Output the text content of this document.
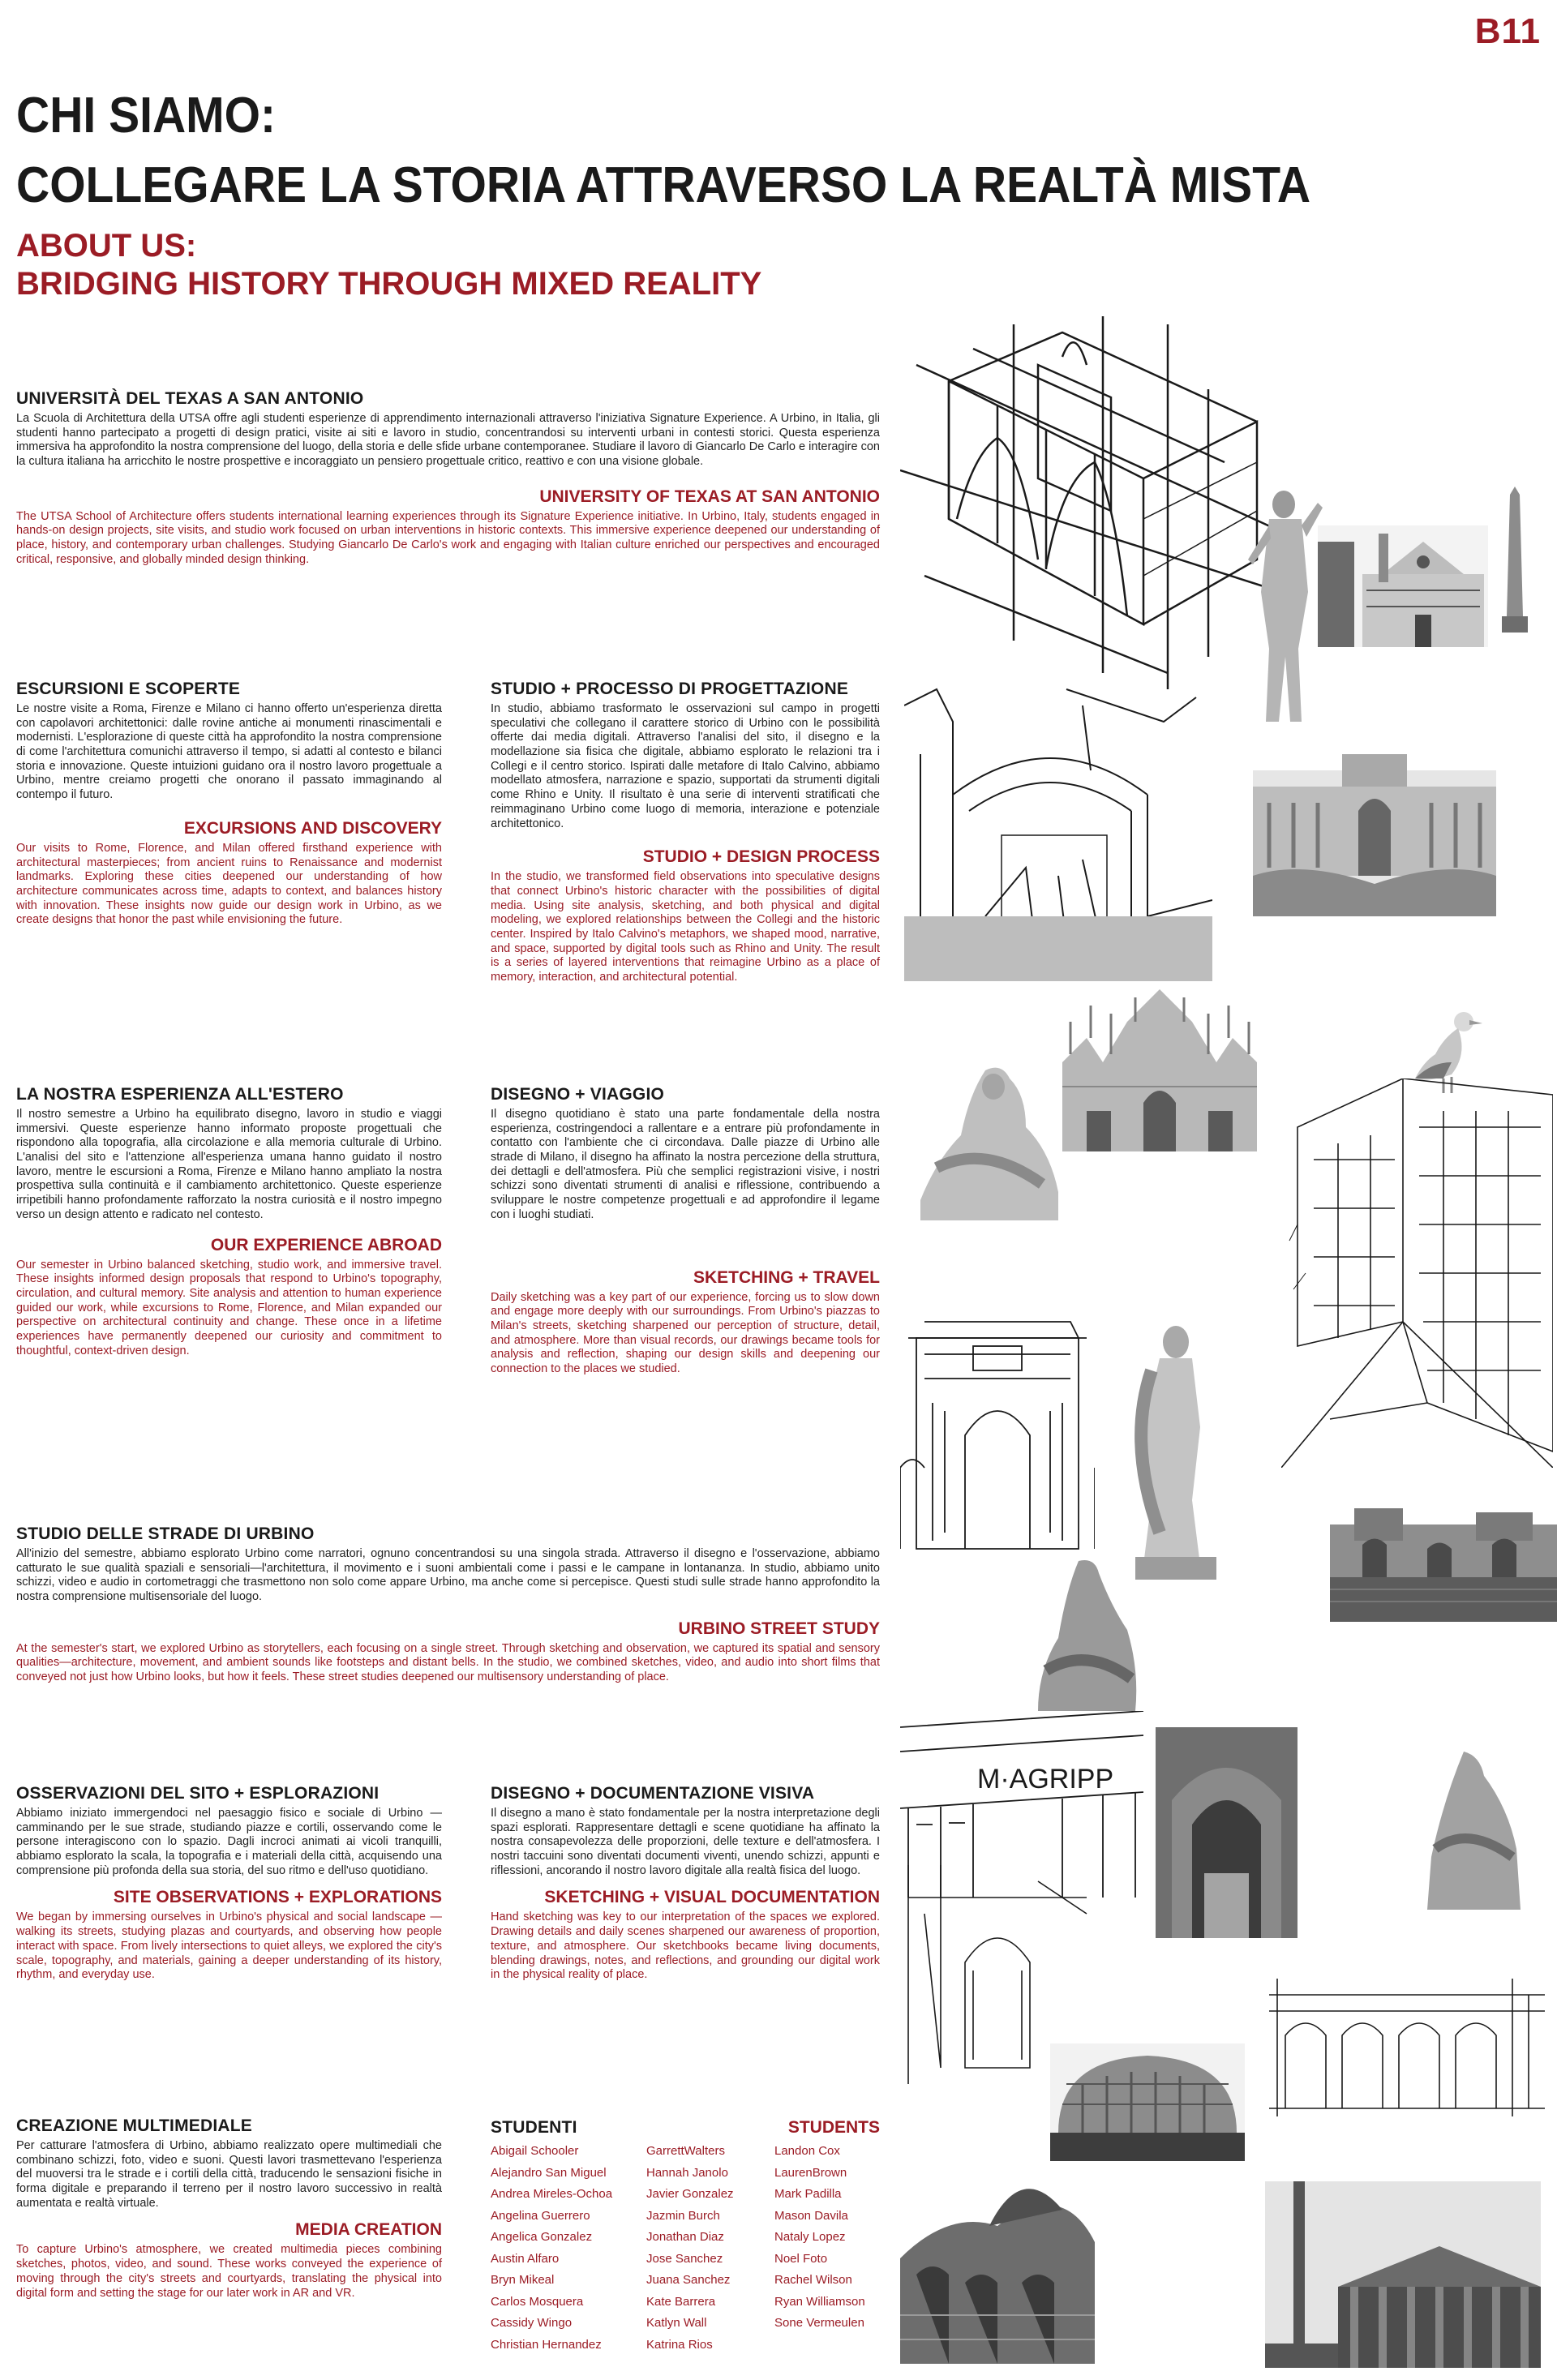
B11
CHI SIAMO:
COLLEGARE LA STORIA ATTRAVERSO LA REALTÀ MISTA
ABOUT US:
BRIDGING HISTORY THROUGH MIXED REALITY
UNIVERSITÀ DEL TEXAS A SAN ANTONIO

La Scuola di Architettura della UTSA offre agli studenti esperienze di apprendimento internazionali attraverso l'iniziativa Signature Experience. A Urbino, in Italia, gli studenti hanno partecipato a progetti di design pratici, visite ai siti e lavoro in studio, concentrandosi su interventi urbani in contesti storici. Questa esperienza immersiva ha approfondito la nostra comprensione del luogo, della storia e delle sfide urbane contemporanee. Studiare il lavoro di Giancarlo De Carlo e interagire con la cultura italiana ha arricchito le nostre prospettive e incoraggiato un pensiero progettuale critico, reattivo e con una visione globale.

UNIVERSITY OF TEXAS AT SAN ANTONIO

The UTSA School of Architecture offers students international learning experiences through its Signature Experience initiative. In Urbino, Italy, students engaged in hands-on design projects, site visits, and studio work focused on urban interventions in historic contexts. This immersive experience deepened our understanding of place, history, and contemporary urban challenges. Studying Giancarlo De Carlo's work and engaging with Italian culture enriched our perspectives and encouraged critical, responsive, and globally minded design thinking.

ESCURSIONI E SCOPERTE

Le nostre visite a Roma, Firenze e Milano ci hanno offerto un'esperienza diretta con capolavori architettonici: dalle rovine antiche ai monumenti rinascimentali e modernisti. L'esplorazione di queste città ha approfondito la nostra comprensione di come l'architettura comunichi attraverso il tempo, si adatti al contesto e bilanci storia e innovazione. Queste intuizioni guidano ora il nostro lavoro progettuale a Urbino, mentre creiamo progetti che onorano il passato immaginando al contempo il futuro.

EXCURSIONS AND DISCOVERY

Our visits to Rome, Florence, and Milan offered firsthand experience with architectural masterpieces; from ancient ruins to Renaissance and modernist landmarks. Exploring these cities deepened our understanding of how architecture communicates across time, adapts to context, and balances history with innovation. These insights now guide our design work in Urbino, as we create designs that honor the past while envisioning the future.

STUDIO + PROCESSO DI PROGETTAZIONE

In studio, abbiamo trasformato le osservazioni sul campo in progetti speculativi che collegano il carattere storico di Urbino con le possibilità offerte dai media digitali. Attraverso l'analisi del sito, il disegno e la modellazione sia fisica che digitale, abbiamo esplorato le relazioni tra i Collegi e il centro storico. Ispirati dalle metafore di Italo Calvino, abbiamo modellato atmosfera, narrazione e spazio, supportati da strumenti digitali come Rhino e Unity. Il risultato è una serie di interventi stratificati che reimmaginano Urbino come luogo di memoria, interazione e potenziale architettonico.

STUDIO + DESIGN PROCESS

In the studio, we transformed field observations into speculative designs that connect Urbino's historic character with the possibilities of digital media. Using site analysis, sketching, and both physical and digital modeling, we explored relationships between the Collegi and the historic center. Inspired by Italo Calvino's metaphors, we shaped mood, narrative, and space, supported by digital tools such as Rhino and Unity. The result is a series of layered interventions that reimagine Urbino as a place of memory, interaction, and architectural potential.

LA NOSTRA ESPERIENZA ALL'ESTERO

Il nostro semestre a Urbino ha equilibrato disegno, lavoro in studio e viaggi immersivi. Queste esperienze hanno informato proposte progettuali che rispondono alla topografia, alla circolazione e alla memoria culturale di Urbino. L'analisi del sito e l'attenzione all'esperienza umana hanno guidato il nostro lavoro, mentre le escursioni a Roma, Firenze e Milano hanno ampliato la nostra prospettiva sulla continuità e il cambiamento architettonico. Queste esperienze irripetibili hanno profondamente rafforzato la nostra curiosità e il nostro impegno verso un design attento e radicato nel contesto.

OUR EXPERIENCE ABROAD

Our semester in Urbino balanced sketching, studio work, and immersive travel. These insights informed design proposals that respond to Urbino's topography, circulation, and cultural memory. Site analysis and attention to human experience guided our work, while excursions to Rome, Florence, and Milan expanded our perspective on architectural continuity and change. These once in a lifetime experiences have permanently deepened our curiosity and commitment to thoughtful, context-driven design.

DISEGNO + VIAGGIO

Il disegno quotidiano è stato una parte fondamentale della nostra esperienza, costringendoci a rallentare e a entrare più profondamente in contatto con l'ambiente che ci circondava. Dalle piazze di Urbino alle strade di Milano, il disegno ha affinato la nostra percezione della struttura, dei dettagli e dell'atmosfera. Più che semplici registrazioni visive, i nostri schizzi sono diventati strumenti di analisi e riflessione, contribuendo a sviluppare le nostre competenze progettuali e ad approfondire il legame con i luoghi studiati.

SKETCHING + TRAVEL

Daily sketching was a key part of our experience, forcing us to slow down and engage more deeply with our surroundings. From Urbino's piazzas to Milan's streets, sketching sharpened our perception of structure, detail, and atmosphere. More than visual records, our drawings became tools for analysis and reflection, shaping our design skills and deepening our connection to the places we studied.

STUDIO DELLE STRADE DI URBINO

All'inizio del semestre, abbiamo esplorato Urbino come narratori, ognuno concentrandosi su una singola strada. Attraverso il disegno e l'osservazione, abbiamo catturato le sue qualità spaziali e sensoriali—l'architettura, il movimento e i suoni ambientali come i passi e le campane in lontananza. In studio, abbiamo unito schizzi, video e audio in cortometraggi che trasmettono non solo come appare Urbino, ma anche come si percepisce. Questi studi sulle strade hanno approfondito la nostra comprensione multisensoriale del luogo.

URBINO STREET STUDY

At the semester's start, we explored Urbino as storytellers, each focusing on a single street. Through sketching and observation, we captured its spatial and sensory qualities—architecture, movement, and ambient sounds like footsteps and distant bells. In the studio, we combined sketches, video, and audio into short films that conveyed not just how Urbino looks, but how it feels. These street studies deepened our multisensory understanding of place.

OSSERVAZIONI DEL SITO + ESPLORAZIONI

Abbiamo iniziato immergendoci nel paesaggio fisico e sociale di Urbino — camminando per le sue strade, studiando piazze e cortili, osservando come le persone interagiscono con lo spazio. Dagli incroci animati ai vicoli tranquilli, abbiamo esplorato la scala, la topografia e i materiali della città, acquisendo una comprensione più profonda della sua storia, del suo ritmo e dell'uso quotidiano.

SITE OBSERVATIONS + EXPLORATIONS

We began by immersing ourselves in Urbino's physical and social landscape — walking its streets, studying plazas and courtyards, and observing how people interact with space. From lively intersections to quiet alleys, we explored the city's scale, topography, and materials, gaining a deeper understanding of its history, rhythm, and everyday use.

DISEGNO + DOCUMENTAZIONE VISIVA

Il disegno a mano è stato fondamentale per la nostra interpretazione degli spazi esplorati. Rappresentare dettagli e scene quotidiane ha affinato la nostra consapevolezza delle proporzioni, delle texture e dell'atmosfera. I nostri taccuini sono diventati documenti viventi, unendo schizzi, appunti e riflessioni, ancorando il nostro lavoro digitale alla realtà fisica del luogo.

SKETCHING + VISUAL DOCUMENTATION

Hand sketching was key to our interpretation of the spaces we explored. Drawing details and daily scenes sharpened our awareness of proportion, texture, and atmosphere. Our sketchbooks became living documents, blending drawings, notes, and reflections, and grounding our digital work in the physical reality of place.

CREAZIONE MULTIMEDIALE

Per catturare l'atmosfera di Urbino, abbiamo realizzato opere multimediali che combinano schizzi, foto, video e suoni. Questi lavori trasmettevano l'esperienza del muoversi tra le strade e i cortili della città, traducendo le sensazioni fisiche in forma digitale e preparando il terreno per il nostro lavoro successivo in realtà aumentata e realtà virtuale.

MEDIA CREATION

To capture Urbino's atmosphere, we created multimedia pieces combining sketches, photos, video, and sound. These works conveyed the experience of moving through the city's streets and courtyards, translating the physical into digital form and setting the stage for our later work in AR and VR.

STUDENTI	STUDENTS
Abigail Schooler
Alejandro San Miguel
Andrea Mireles-Ochoa
Angelina Guerrero
Angelica Gonzalez
Austin Alfaro
Bryn Mikeal
Carlos Mosquera
Cassidy Wingo
Christian Hernandez
GarrettWalters
Hannah Janolo
Javier Gonzalez
Jazmin Burch
Jonathan Diaz
Jose Sanchez
Juana Sanchez
Kate Barrera
Katlyn Wall
Katrina Rios
Landon Cox
LaurenBrown
Mark Padilla
Mason Davila
Nataly Lopez
Noel Foto
Rachel Wilson
Ryan Williamson
Sone Vermeulen
M·AGRIPP
